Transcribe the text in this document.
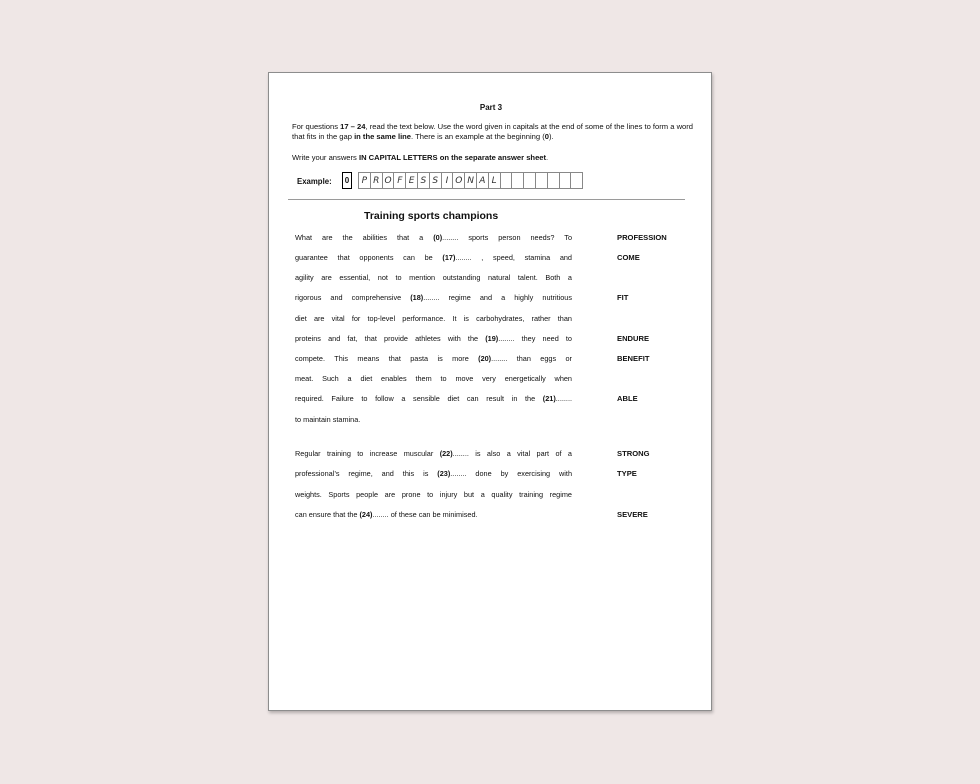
Part 3
For questions 17 – 24, read the text below. Use the word given in capitals at the end of some of the lines to form a word that fits in the gap in the same line. There is an example at the beginning (0).
Write your answers IN CAPITAL LETTERS on the separate answer sheet.
Example:	0	P R O F E S S I O N A L
Training sports champions
What are the abilities that a (0)........ sports person needs? To	PROFESSION
guarantee that opponents can be (17)........ , speed, stamina and	COME
agility are essential, not to mention outstanding natural talent. Both a
rigorous and comprehensive (18)........ regime and a highly nutritious	FIT
diet are vital for top-level performance. It is carbohydrates, rather than
proteins and fat, that provide athletes with the (19)........ they need to	ENDURE
compete. This means that pasta is more (20)........ than eggs or	BENEFIT
meat. Such a diet enables them to move very energetically when
required. Failure to follow a sensible diet can result in the (21)........	ABLE
to maintain stamina.
Regular training to increase muscular (22)........ is also a vital part of a	STRONG
professional’s regime, and this is (23)........ done by exercising with	TYPE
weights. Sports people are prone to injury but a quality training regime
can ensure that the (24)........ of these can be minimised.	SEVERE
